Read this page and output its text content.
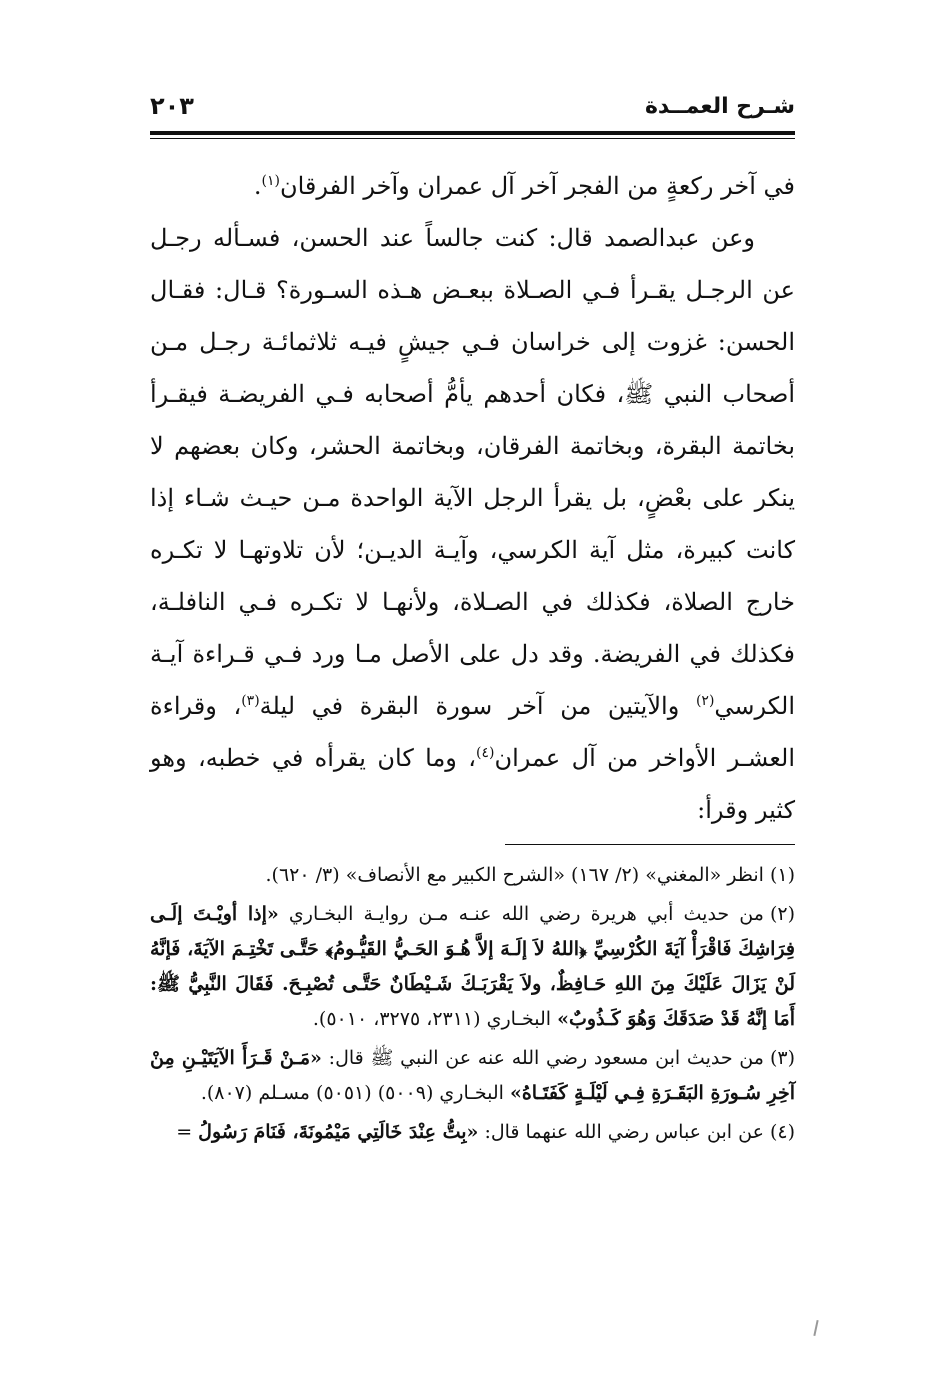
شـرح العمــدة
٢٠٣

في آخر ركعةٍ من الفجر آخر آل عمران وآخر الفرقان$^{(١)}$.

وعن عبدالصمد قال: كنت جالساً عند الحسن، فسـأله رجـل عن الرجـل يقـرأ فـي الصـلاة ببعـض هـذه السـورة؟ قـال: فقـال الحسن: غزوت إلى خراسان فـي جيشٍ فيـه ثلاثمائـة رجـل مـن أصحاب النبي ﷺ، فكان أحدهم يأمُّ أصحابه فـي الفريضـة فيقـرأ بخاتمة البقرة، وبخاتمة الفرقان، وبخاتمة الحشر، وكان بعضهم لا ينكر على بعْضٍ، بل يقرأ الرجل الآية الواحدة مـن حيـث شـاء إذا كانت كبيرة، مثل آية الكرسي، وآيـة الديـن؛ لأن تلاوتهـا لا تكـره خارج الصلاة، فكذلك في الصـلاة، ولأنهـا لا تكـره فـي النافلـة، فكذلك في الفريضة. وقد دل على الأصل مـا ورد فـي قـراءة آيـة الكرسي$^{(٢)}$ والآيتين من آخر سورة البقرة في ليلة$^{(٣)}$، وقراءة العشـر الأواخر من آل عمران$^{(٤)}$، وما كان يقرأه في خطبه، وهو كثير وقرأ:

(١)انظر «المغني» (٢/ ١٦٧) «الشرح الكبير مع الأنصاف» (٣/ ٦٢٠).

(٢)من حديث أبي هريرة رضي الله عنـه مـن روايـة البخـاري «إذا أويْـتَ إلَـى فِرَاشِكَ فَاقْرَأْ آيَةَ الكُرْسِيِّ ﴿اللهُ لاَ إلَـهَ إلاَّ هُـوَ الحَـيُّ القَيُّـومُ﴾ حَتَّـى تَخْتِـمَ الآيَةَ، فَإنَّهُ لَنْ يَزَالَ عَلَيْكَ مِنَ اللهِ حَـافِظٌ، ولاَ يَقْرَبَـكَ شَـيْطَانٌ حَتَّـى تُصْبِـحَ. فَقَالَ النَّبِيُّ ﷺ: أَمَا إنَّهُ قَدْ صَدَقَكَ وَهُوَ كَـذُوبٌ» البخـاري (٢٣١١، ٣٢٧٥، ٥٠١٠).

(٣)من حديث ابن مسعود رضي الله عنه عن النبي ﷺ قال: «مَـنْ قَـرَأَ الآيَتَيْـنِ مِنْ آخِرِ سُـورَةِ البَقَـرَةِ فِـي لَيْلَـةٍ كَفَتَـاهُ» البخـاري (٥٠٠٩) (٥٠٥١) مسـلم (٨٠٧).

(٤)عن ابن عباس رضي الله عنهما قال: «بِتُّ عِنْدَ خَالَتِي مَيْمُونَةَ، فَنَامَ رَسُولُ =
